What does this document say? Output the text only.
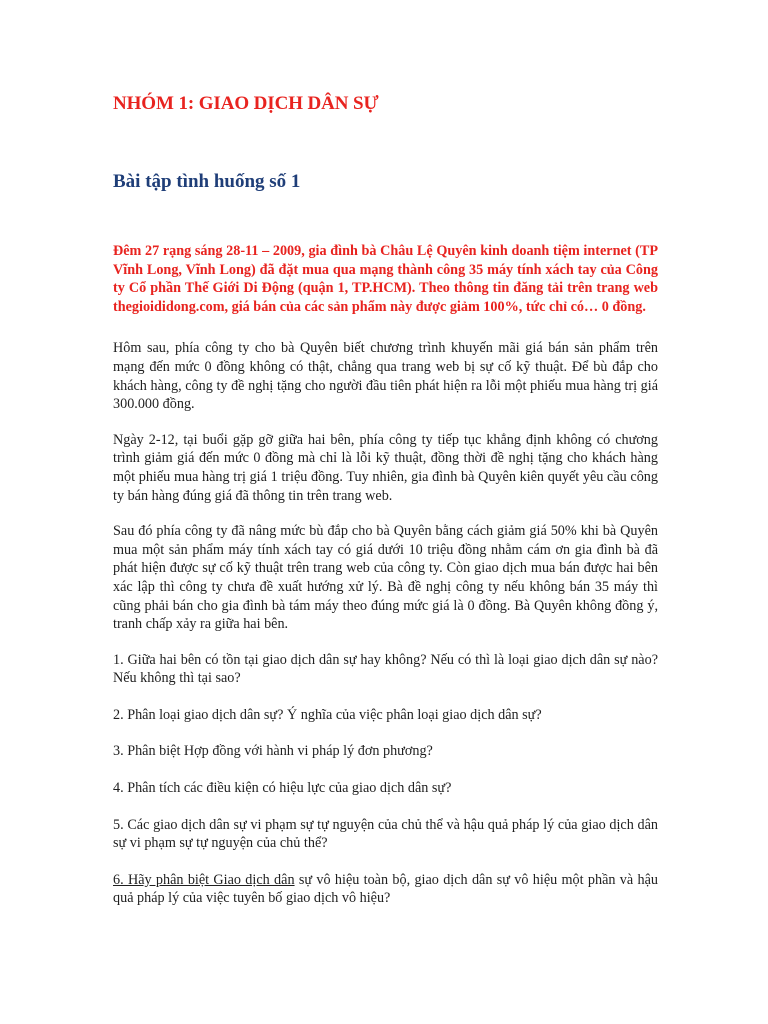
NHÓM 1: GIAO DỊCH DÂN SỰ
Bài tập tình huống số 1

Đêm 27 rạng sáng 28-11 – 2009, gia đình bà Châu Lệ Quyên kinh doanh tiệm internet (TP Vĩnh Long, Vĩnh Long) đã đặt mua qua mạng thành công 35 máy tính xách tay của Công ty Cổ phần Thế Giới Di Động (quận 1, TP.HCM). Theo thông tin đăng tải trên trang web thegioididong.com, giá bán của các sản phẩm này được giảm 100%, tức chỉ có… 0 đồng.

Hôm sau, phía công ty cho bà Quyên biết chương trình khuyến mãi giá bán sản phẩm trên mạng đến mức 0 đồng không có thật, chẳng qua trang web bị sự cố kỹ thuật. Để bù đắp cho khách hàng, công ty đề nghị tặng cho người đầu tiên phát hiện ra lỗi một phiếu mua hàng trị giá 300.000 đồng.

Ngày 2-12, tại buổi gặp gỡ giữa hai bên, phía công ty tiếp tục khẳng định không có chương trình giảm giá đến mức 0 đồng mà chỉ là lỗi kỹ thuật, đồng thời đề nghị tặng cho khách hàng một phiếu mua hàng trị giá 1 triệu đồng. Tuy nhiên, gia đình bà Quyên kiên quyết yêu cầu công ty bán hàng đúng giá đã thông tin trên trang web.

Sau đó phía công ty đã nâng mức bù đắp cho bà Quyên bằng cách giảm giá 50% khi bà Quyên mua một sản phẩm máy tính xách tay có giá dưới 10 triệu đồng nhằm cám ơn gia đình bà đã phát hiện được sự cố kỹ thuật trên trang web của công ty. Còn giao dịch mua bán được hai bên xác lập thì công ty chưa đề xuất hướng xử lý. Bà đề nghị công ty nếu không bán 35 máy thì cũng phải bán cho gia đình bà tám máy theo đúng mức giá là 0 đồng. Bà Quyên không đồng ý, tranh chấp xảy ra giữa hai bên.

1. Giữa hai bên có tồn tại giao dịch dân sự hay không? Nếu có thì là loại giao dịch dân sự nào? Nếu không thì tại sao?

2. Phân loại giao dịch dân sự? Ý nghĩa của việc phân loại giao dịch dân sự?

3. Phân biệt Hợp đồng với hành vi pháp lý đơn phương?

4. Phân tích các điều kiện có hiệu lực của giao dịch dân sự?

5. Các giao dịch dân sự vi phạm sự tự nguyện của chủ thể và hậu quả pháp lý của giao dịch dân sự vi phạm sự tự nguyện của chủ thể?

6. Hãy phân biệt Giao dịch dân sự vô hiệu toàn bộ, giao dịch dân sự vô hiệu một phần và hậu quả pháp lý của việc tuyên bố giao dịch vô hiệu?
